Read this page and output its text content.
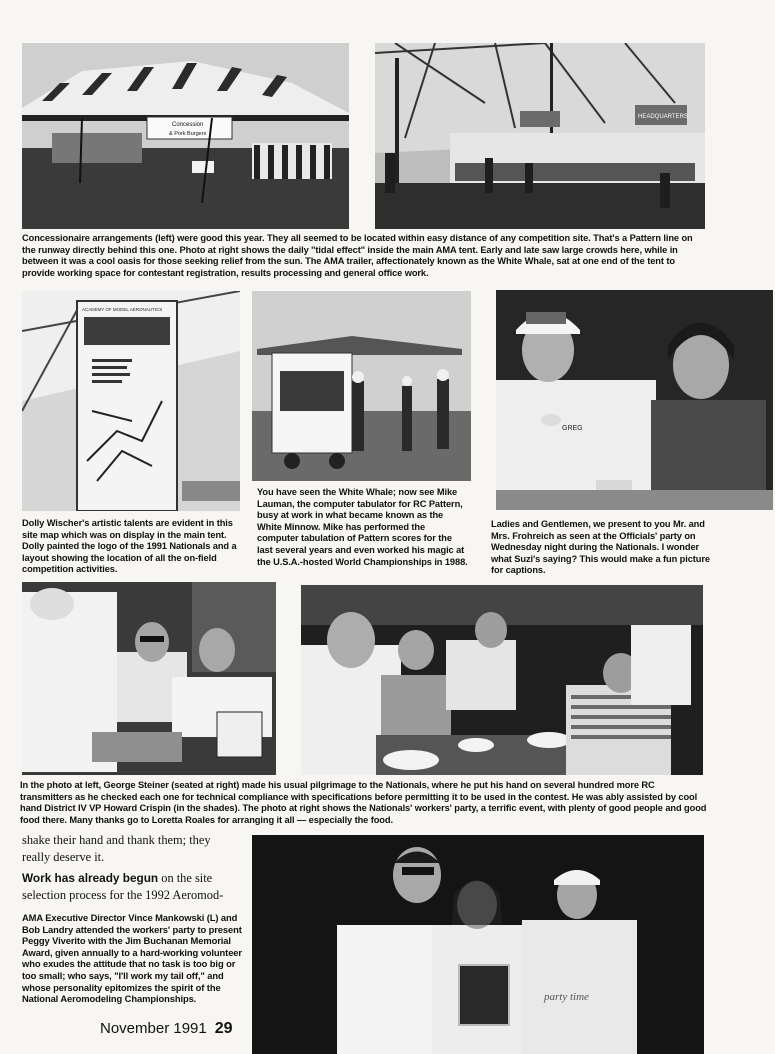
Concession
& Pork Burgers
HEADQUARTERS

Concessionaire arrangements (left) were good this year. They all seemed to be located within easy distance of any competition site. That's a Pattern line on the runway directly behind this one. Photo at right shows the daily ''tidal effect'' inside the main AMA tent. Early and late saw large crowds here, while in between it was a cool oasis for those seeking relief from the sun. The AMA trailer, affectionately known as the White Whale, sat at one end of the tent to provide working space for contestant registration, results processing and general office work.

ACADEMY OF MODEL AERONAUTICS

You have seen the White Whale; now see Mike Lauman, the computer tabulator for RC Pattern, busy at work in what became known as the White Minnow. Mike has performed the computer tabulation of Pattern scores for the last several years and even worked his magic at the U.S.A.-hosted World Championships in 1988.

GREG

Dolly Wischer's artistic talents are evident in this site map which was on display in the main tent. Dolly painted the logo of the 1991 Nationals and a layout showing the location of all the on-field competition activities.

Ladies and Gentlemen, we present to you Mr. and Mrs. Frohreich as seen at the Officials' party on Wednesday night during the Nationals. I wonder what Suzi's saying? This would make a fun picture for captions.

In the photo at left, George Steiner (seated at right) made his usual pilgrimage to the Nationals, where he put his hand on several hundred more RC transmitters as he checked each one for technical compliance with specifications before permitting it to be used in the contest. He was ably assisted by cool hand District IV VP Howard Crispin (in the shades). The photo at right shows the Nationals' workers' party, a terrific event, with plenty of good people and good food there. Many thanks go to Loretta Roales for arranging it all — especially the food.

shake their hand and thank them; they
really deserve it.
Work has already begun on the site
selection process for the 1992 Aeromod-

AMA Executive Director Vince Mankowski (L) and Bob Landry attended the workers' party to present Peggy Viverito with the Jim Buchanan Memorial Award, given annually to a hard-working volunteer who exudes the attitude that no task is too big or too small; who says, "I'll work my tail off," and whose personality epitomizes the spirit of the National Aeromodeling Championships.	party time
November 1991 29
